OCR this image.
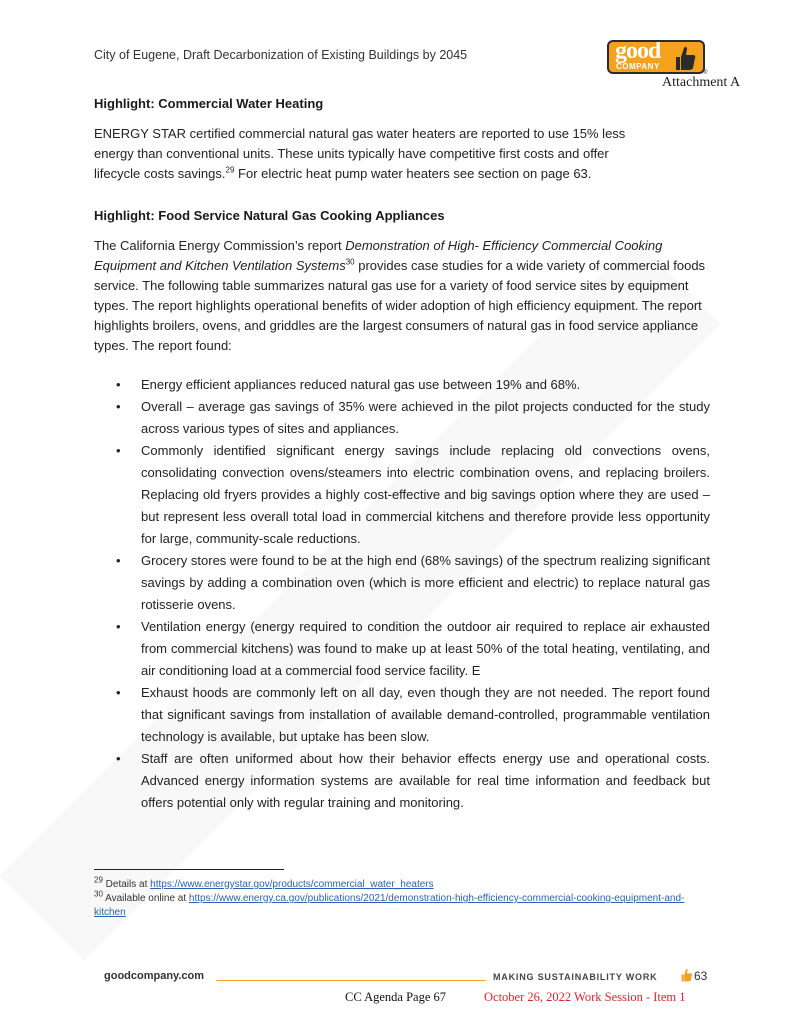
City of Eugene, Draft Decarbonization of Existing Buildings by 2045	good
COMPANY
®
Attachment A
Highlight: Commercial Water Heating
ENERGY STAR certified commercial natural gas water heaters are reported to use 15% less
energy than conventional units. These units typically have competitive first costs and offer
lifecycle costs savings.$^{29}$ For electric heat pump water heaters see section on page 63.
Highlight: Food Service Natural Gas Cooking Appliances
The California Energy Commission’s report Demonstration of High- Efficiency Commercial Cooking Equipment and Kitchen Ventilation Systems$^{30}$ provides case studies for a wide variety of commercial foods service. The following table summarizes natural gas use for a variety of food service sites by equipment types. The report highlights operational benefits of wider adoption of high efficiency equipment. The report highlights broilers, ovens, and griddles are the largest consumers of natural gas in food service appliance types. The report found:
• Energy efficient appliances reduced natural gas use between 19% and 68%.
• Overall – average gas savings of 35% were achieved in the pilot projects conducted for the study across various types of sites and appliances.
• Commonly identified significant energy savings include replacing old convections ovens, consolidating convection ovens/steamers into electric combination ovens, and replacing broilers. Replacing old fryers provides a highly cost-effective and big savings option where they are used – but represent less overall total load in commercial kitchens and therefore provide less opportunity for large, community-scale reductions.
• Grocery stores were found to be at the high end (68% savings) of the spectrum realizing significant savings by adding a combination oven (which is more efficient and electric) to replace natural gas rotisserie ovens.
• Ventilation energy (energy required to condition the outdoor air required to replace air exhausted from commercial kitchens) was found to make up at least 50% of the total heating, ventilating, and air conditioning load at a commercial food service facility. E
• Exhaust hoods are commonly left on all day, even though they are not needed. The report found that significant savings from installation of available demand-controlled, programmable ventilation technology is available, but uptake has been slow.
• Staff are often uniformed about how their behavior effects energy use and operational costs. Advanced energy information systems are available for real time information and feedback but offers potential only with regular training and monitoring.
$^{29}$ Details at https://www.energystar.gov/products/commercial_water_heaters
$^{30}$ Available online at https://www.energy.ca.gov/publications/2021/demonstration-high-efficiency-commercial-cooking-equipment-and-kitchen
goodcompany.com	MAKING SUSTAINABILITY WORK	63
CC Agenda Page 67	October 26, 2022 Work Session - Item 1
